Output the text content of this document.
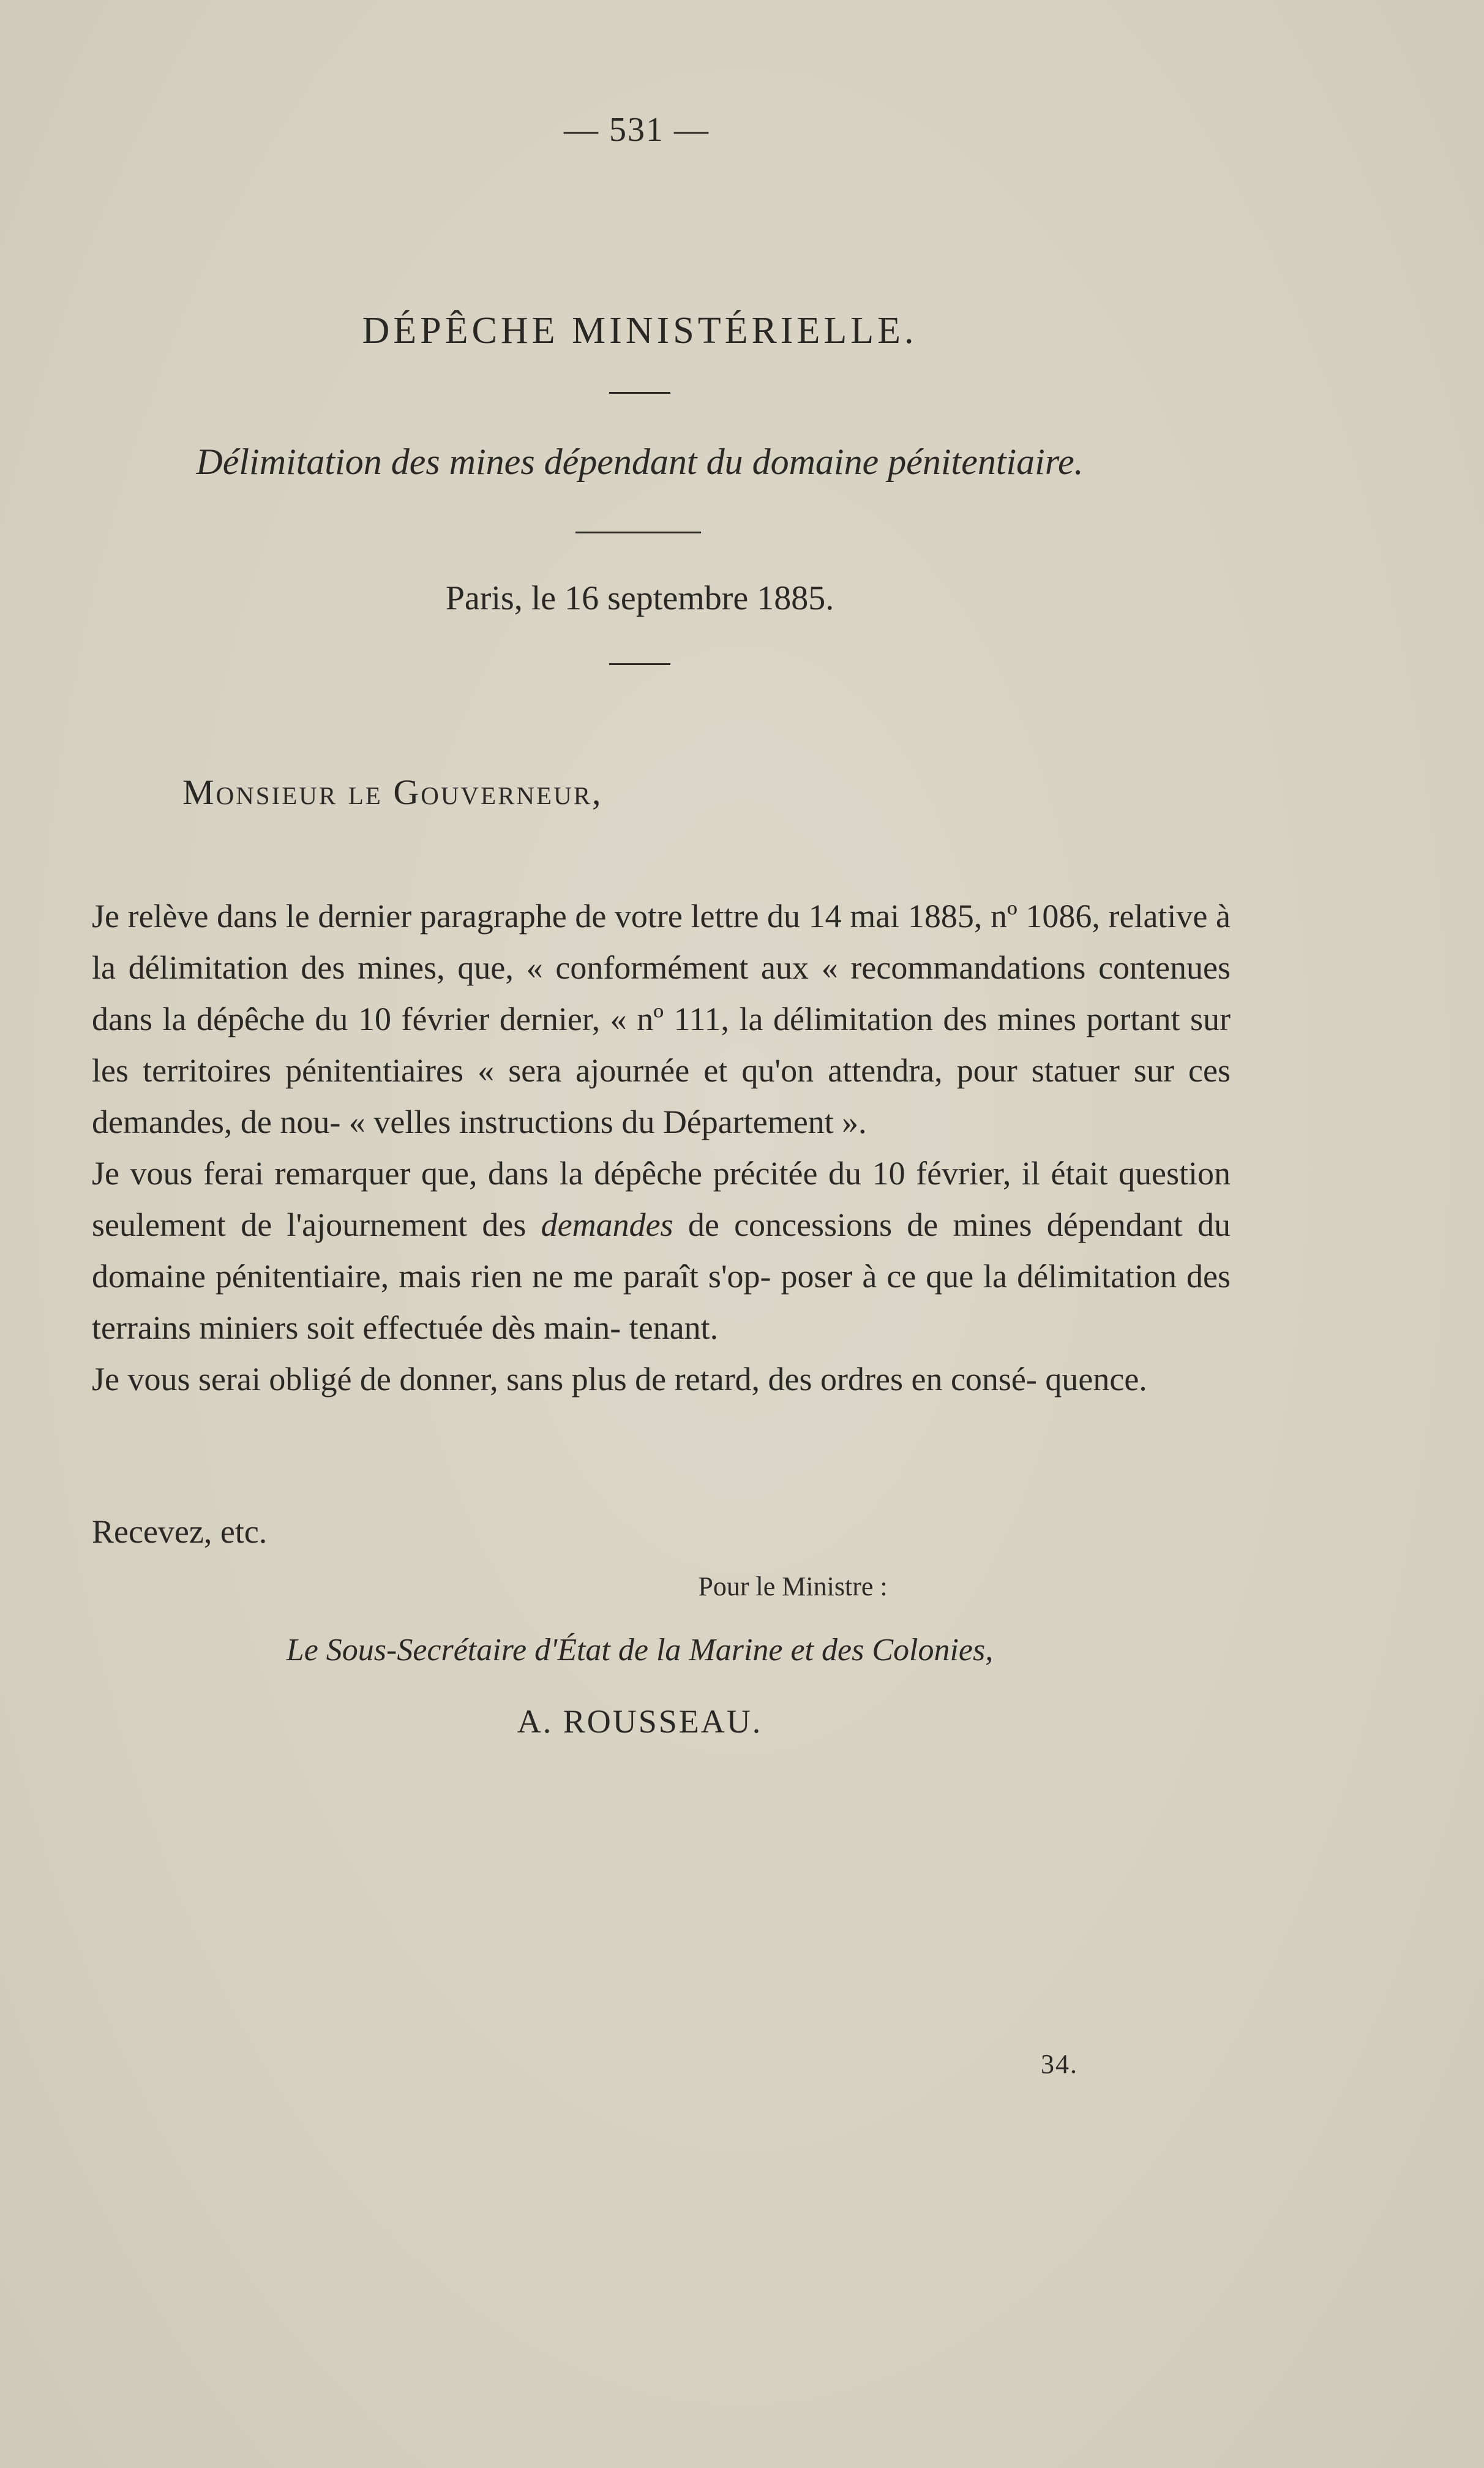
— 531 —
DÉPÊCHE MINISTÉRIELLE.
Délimitation des mines dépendant du domaine pénitentiaire.
Paris, le 16 septembre 1885.
Monsieur le Gouverneur,

Je relève dans le dernier paragraphe de votre lettre du 14 mai 1885, nº 1086, relative à la délimitation des mines, que, « conformément aux « recommandations contenues dans la dépêche du 10 février dernier, « nº 111, la délimitation des mines portant sur les territoires pénitentiaires « sera ajournée et qu'on attendra, pour statuer sur ces demandes, de nou- « velles instructions du Département ».

Je vous ferai remarquer que, dans la dépêche précitée du 10 février, il était question seulement de l'ajournement des demandes de concessions de mines dépendant du domaine pénitentiaire, mais rien ne me paraît s'op- poser à ce que la délimitation des terrains miniers soit effectuée dès main- tenant.

Je vous serai obligé de donner, sans plus de retard, des ordres en consé- quence.

Recevez, etc.
Pour le Ministre :
Le Sous-Secrétaire d'État de la Marine et des Colonies,
A. ROUSSEAU.
34.
